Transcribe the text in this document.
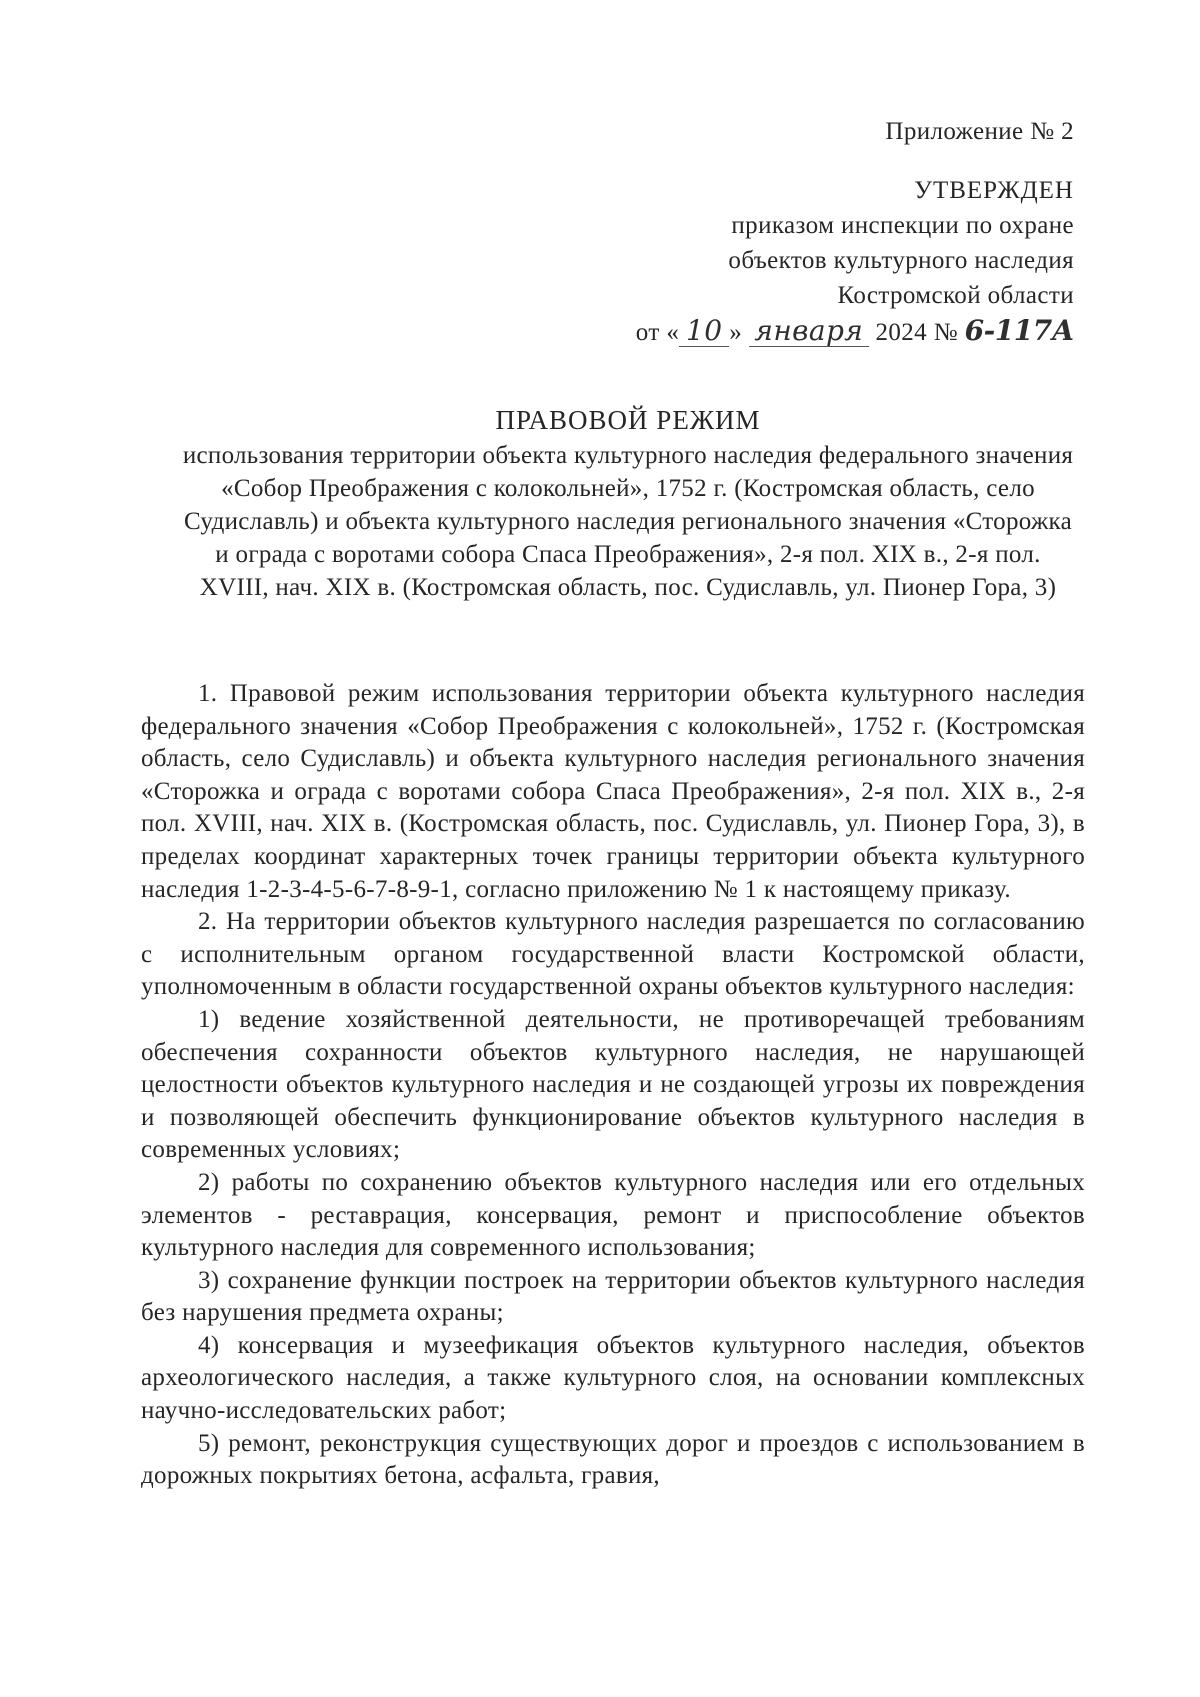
Приложение № 2
УТВЕРЖДЕН
приказом инспекции по охране
объектов культурного наследия
Костромской области
от « 10 » января 2024 № 6-117А
ПРАВОВОЙ РЕЖИМ
использования территории объекта культурного наследия федерального значения «Собор Преображения с колокольней», 1752 г. (Костромская область, село Судиславль) и объекта культурного наследия регионального значения «Сторожка и ограда с воротами собора Спаса Преображения», 2-я пол. XIX в., 2-я пол. XVIII, нач. XIX в. (Костромская область, пос. Судиславль, ул. Пионер Гора, 3)

1. Правовой режим использования территории объекта культурного наследия федерального значения «Собор Преображения с колокольней», 1752 г. (Костромская область, село Судиславль) и объекта культурного наследия регионального значения «Сторожка и ограда с воротами собора Спаса Преображения», 2-я пол. XIX в., 2-я пол. XVIII, нач. XIX в. (Костромская область, пос. Судиславль, ул. Пионер Гора, 3), в пределах координат характерных точек границы территории объекта культурного наследия 1-2-3-4-5-6-7-8-9-1, согласно приложению № 1 к настоящему приказу.

2. На территории объектов культурного наследия разрешается по согласованию с исполнительным органом государственной власти Костромской области, уполномоченным в области государственной охраны объектов культурного наследия:

1) ведение хозяйственной деятельности, не противоречащей требованиям обеспечения сохранности объектов культурного наследия, не нарушающей целостности объектов культурного наследия и не создающей угрозы их повреждения и позволяющей обеспечить функционирование объектов культурного наследия в современных условиях;

2) работы по сохранению объектов культурного наследия или его отдельных элементов - реставрация, консервация, ремонт и приспособление объектов культурного наследия для современного использования;

3) сохранение функции построек на территории объектов культурного наследия без нарушения предмета охраны;

4) консервация и музеефикация объектов культурного наследия, объектов археологического наследия, а также культурного слоя, на основании комплексных научно-исследовательских работ;

5) ремонт, реконструкция существующих дорог и проездов с использованием в дорожных покрытиях бетона, асфальта, гравия,
